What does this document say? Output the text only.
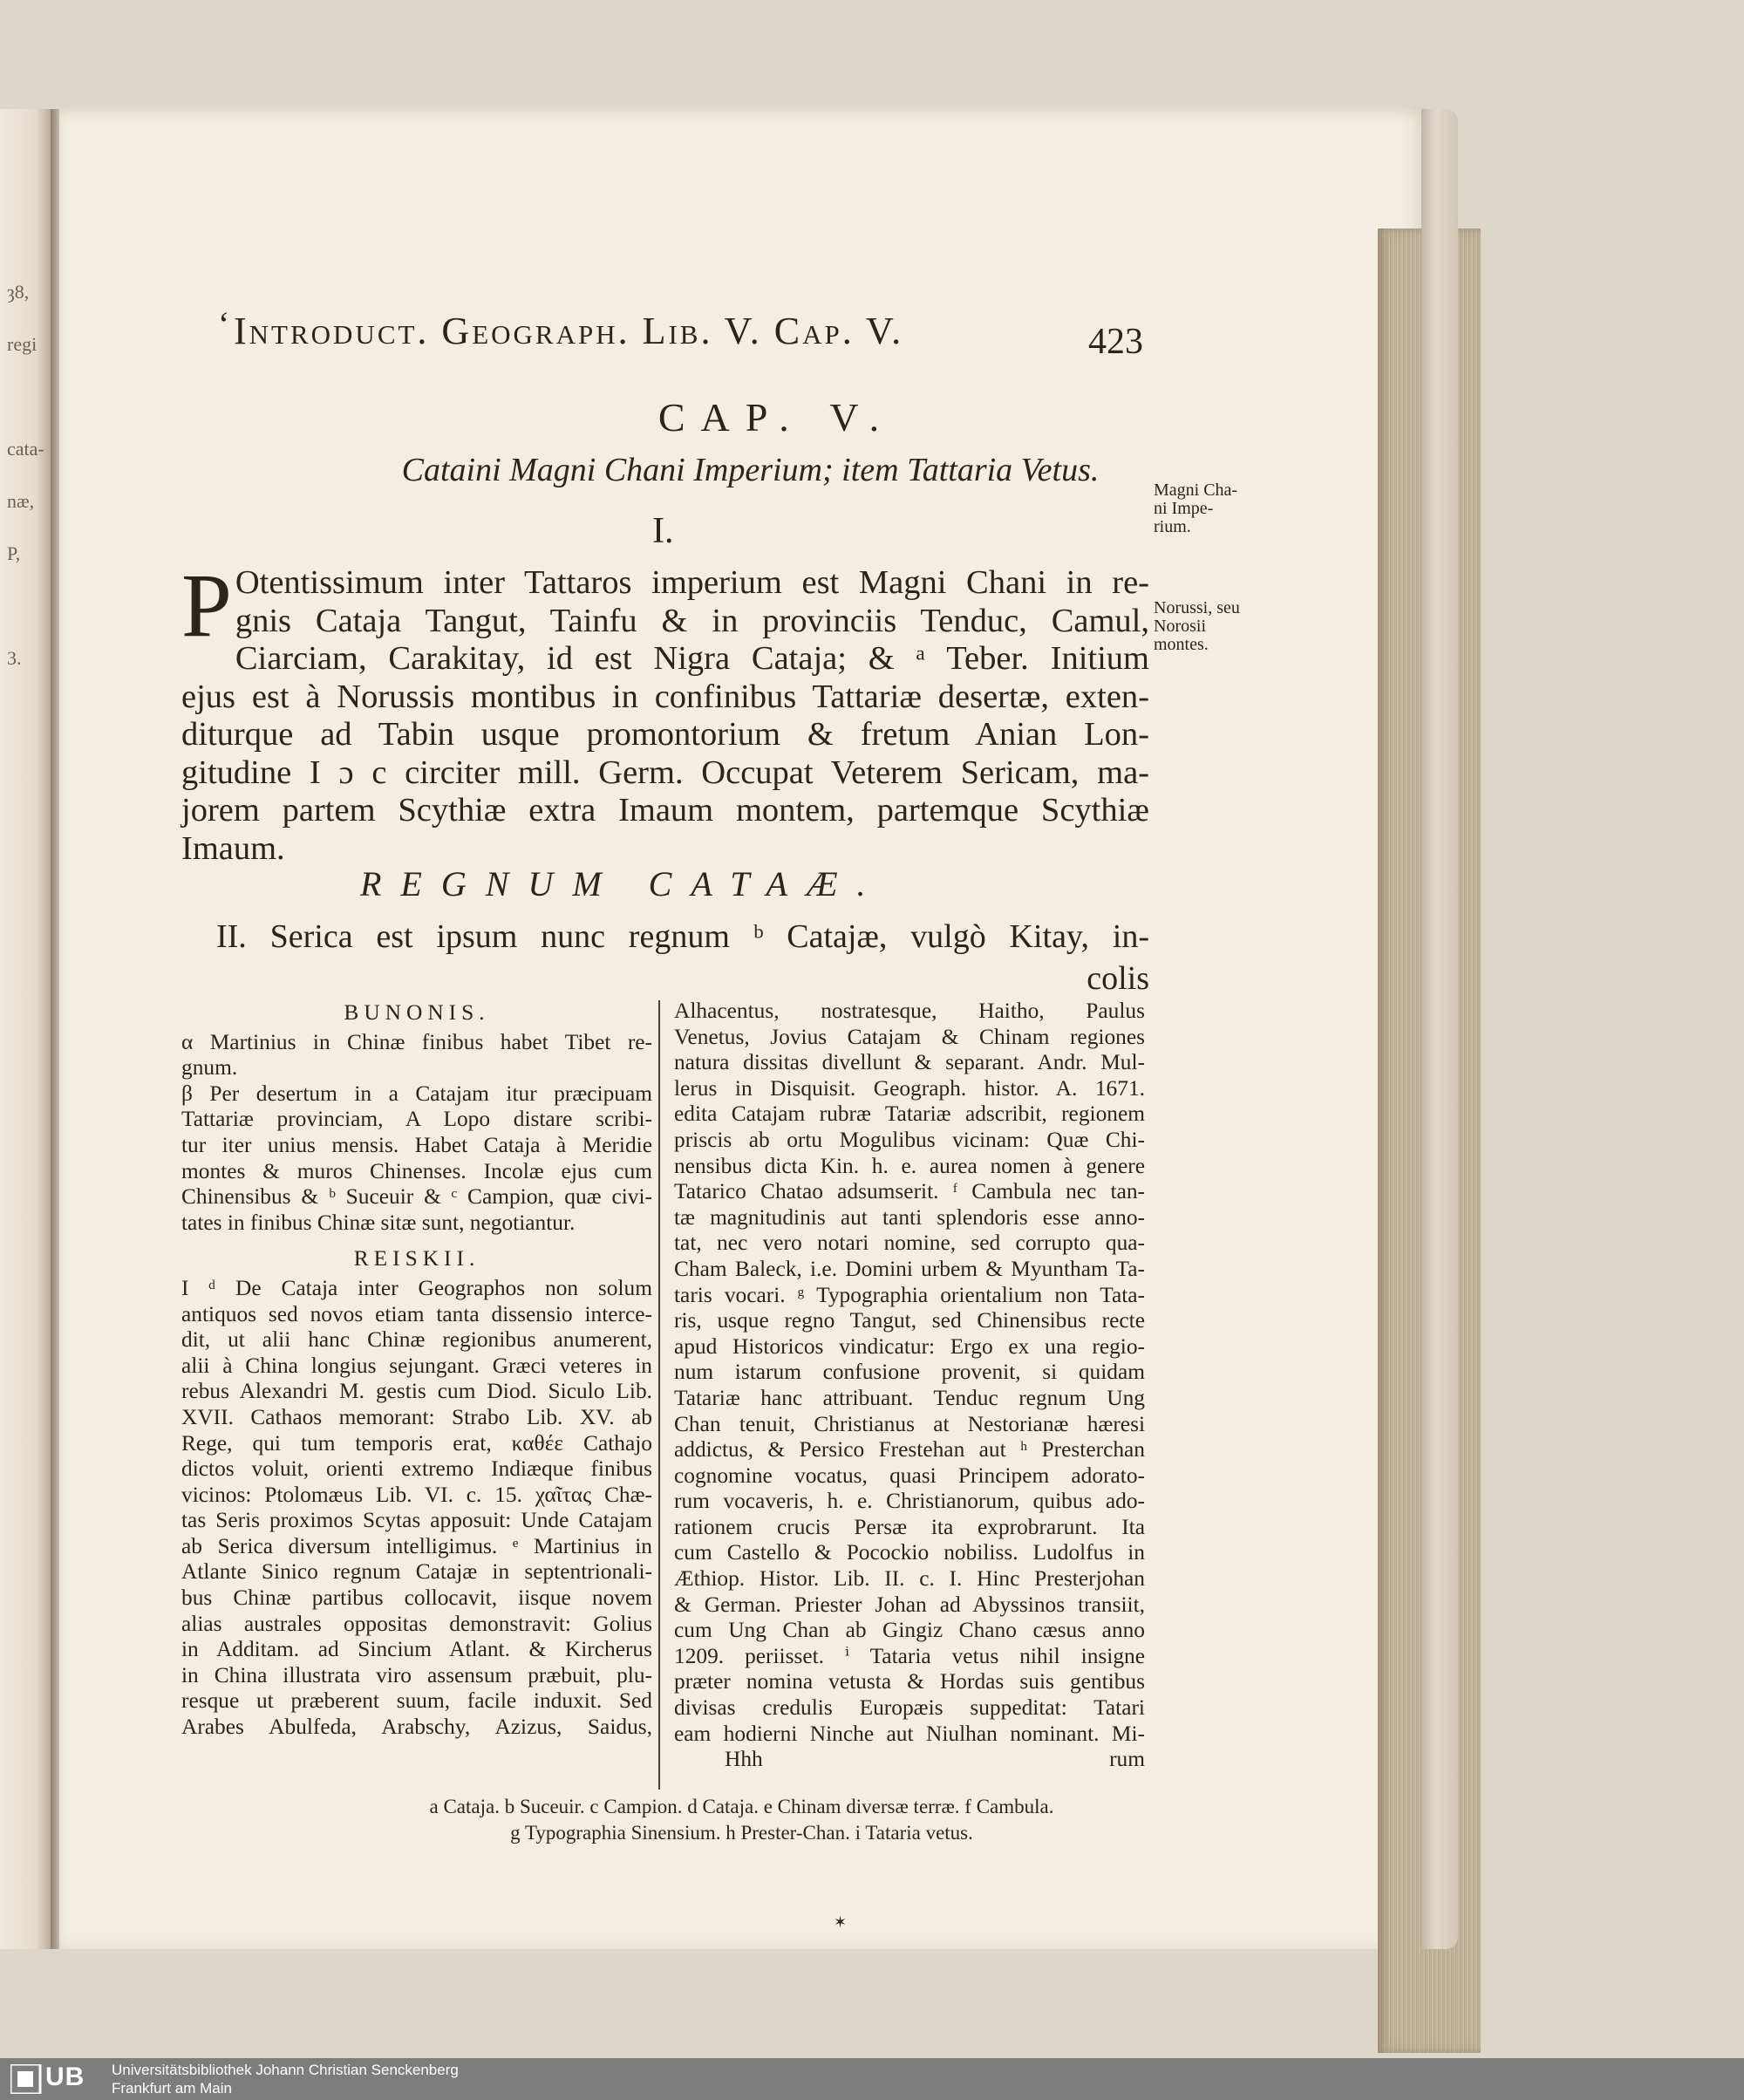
ȝ8,
regi

cata-
næ,
P,

3.
‘ Introduct. Geograph. Lib. V. Cap. V.	423
CAP. V.
Cataini Magni Chani Imperium; item Tattaria Vetus.
I.
P Otentissimum inter Tattaros imperium est Magni Chani in re-
gnis Cataja Tangut, Tainfu & in provinciis Tenduc, Camul,
Ciarciam, Carakitay, id est Nigra Cataja; & ᵃ Teber. Initium
ejus est à Norussis montibus in confinibus Tattariæ desertæ, exten-
diturque ad Tabin usque promontorium & fretum Anian Lon-
gitudine I ɔ c circiter mill. Germ. Occupat Veterem Sericam, ma-
jorem partem Scythiæ extra Imaum montem, partemque Scythiæ
Imaum.
Magni Cha-
ni Impe-
rium.
Norussi, seu
Norosii
montes.
REGNUM CATAÆ.
II. Serica est ipsum nunc regnum ᵇ Catajæ, vulgò Kitay, in-
colis
BUNONIS.
α Martinius in Chinæ finibus habet Tibet re-
gnum.
β Per desertum in a Catajam itur præcipuam
Tattariæ provinciam, A Lopo distare scribi-
tur iter unius mensis. Habet Cataja à Meridie
montes & muros Chinenses. Incolæ ejus cum
Chinensibus & ᵇ Suceuir & ᶜ Campion, quæ civi-
tates in finibus Chinæ sitæ sunt, negotiantur.
REISKII.
I ᵈ De Cataja inter Geographos non solum
antiquos sed novos etiam tanta dissensio interce-
dit, ut alii hanc Chinæ regionibus anumerent,
alii à China longius sejungant. Græci veteres in
rebus Alexandri M. gestis cum Diod. Siculo Lib.
XVII. Cathaos memorant: Strabo Lib. XV. ab
Rege, qui tum temporis erat, καθέε Cathajo
dictos voluit, orienti extremo Indiæque finibus
vicinos: Ptolomæus Lib. VI. c. 15. χαῖτας Chæ-
tas Seris proximos Scytas apposuit: Unde Catajam
ab Serica diversum intelligimus. ᵉ Martinius in
Atlante Sinico regnum Catajæ in septentrionali-
bus Chinæ partibus collocavit, iisque novem
alias australes oppositas demonstravit: Golius
in Additam. ad Sincium Atlant. & Kircherus
in China illustrata viro assensum præbuit, plu-
resque ut præberent suum, facile induxit. Sed
Arabes Abulfeda, Arabschy, Azizus, Saidus,
Alhacentus, nostratesque, Haitho, Paulus
Venetus, Jovius Catajam & Chinam regiones
natura dissitas divellunt & separant. Andr. Mul-
lerus in Disquisit. Geograph. histor. A. 1671.
edita Catajam rubræ Tatariæ adscribit, regionem
priscis ab ortu Mogulibus vicinam: Quæ Chi-
nensibus dicta Kin. h. e. aurea nomen à genere
Tatarico Chatao adsumserit. ᶠ Cambula nec tan-
tæ magnitudinis aut tanti splendoris esse anno-
tat, nec vero notari nomine, sed corrupto qua-
Cham Baleck, i.e. Domini urbem & Myuntham Ta-
taris vocari. ᵍ Typographia orientalium non Tata-
ris, usque regno Tangut, sed Chinensibus recte
apud Historicos vindicatur: Ergo ex una regio-
num istarum confusione provenit, si quidam
Tatariæ hanc attribuant. Tenduc regnum Ung
Chan tenuit, Christianus at Nestorianæ hæresi
addictus, & Persico Frestehan aut ʰ Presterchan
cognomine vocatus, quasi Principem adorato-
rum vocaveris, h. e. Christianorum, quibus ado-
rationem crucis Persæ ita exprobrarunt. Ita
cum Castello & Pocockio nobiliss. Ludolfus in
Æthiop. Histor. Lib. II. c. I. Hinc Presterjohan
& German. Priester Johan ad Abyssinos transiit,
cum Ung Chan ab Gingiz Chano cæsus anno
1209. periisset. ⁱ Tataria vetus nihil insigne
præter nomina vetusta & Hordas suis gentibus
divisas credulis Europæis suppeditat: Tatari
eam hodierni Ninche aut Niulhan nominant. Mi-
Hhh	rum
a Cataja. b Suceuir. c Campion. d Cataja. e Chinam diversæ terræ. f Cambula.
g Typographia Sinensium. h Prester-Chan. i Tataria vetus.
✶
UB Universitätsbibliothek Johann Christian Senckenberg
Frankfurt am Main
